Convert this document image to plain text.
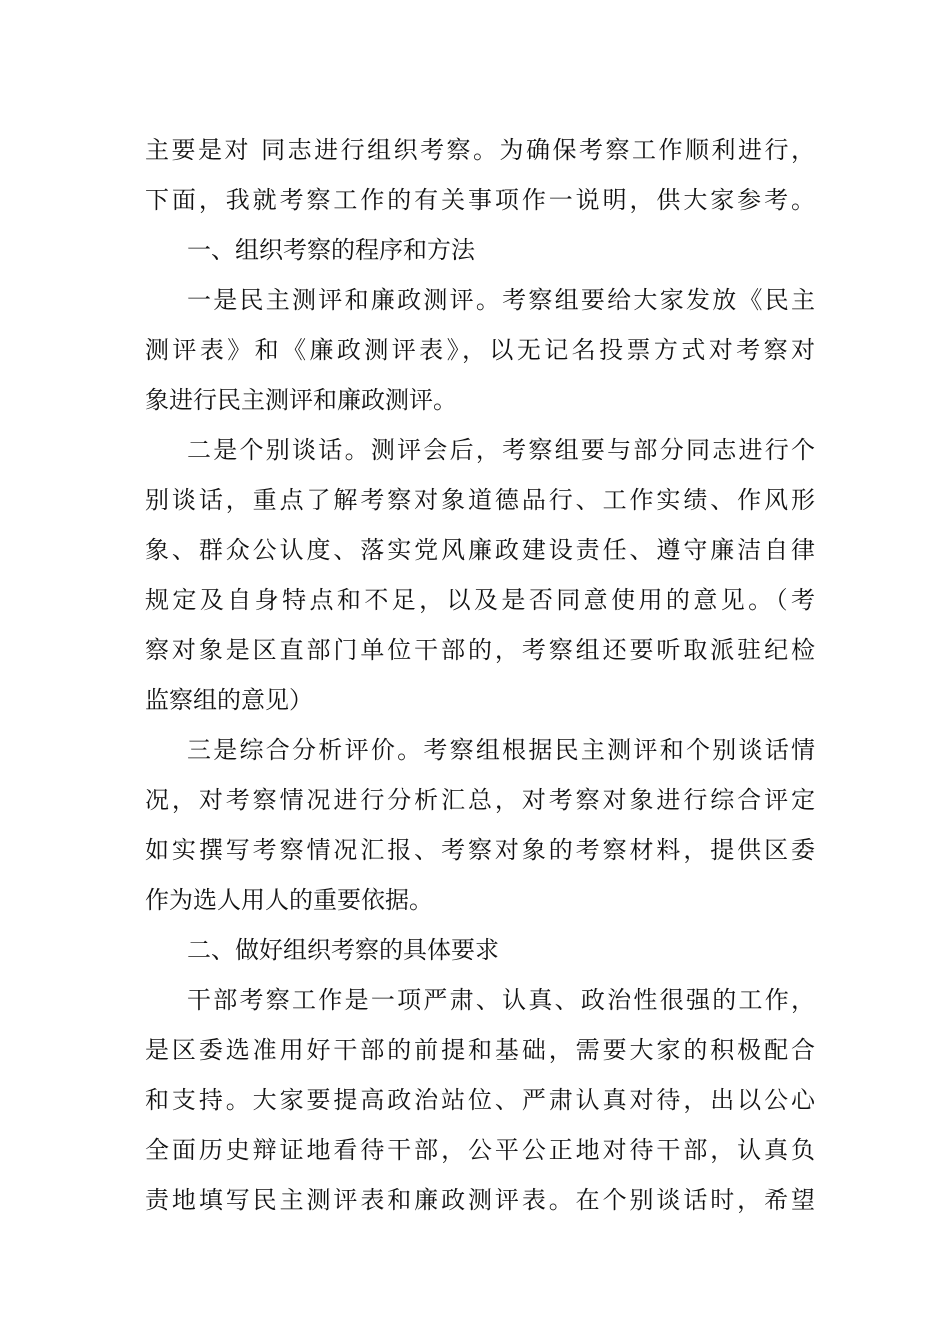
主要是对 同志进行组织考察。为确保考察工作顺利进行，
下面，我就考察工作的有关事项作一说明，供大家参考。
一、组织考察的程序和方法
一是民主测评和廉政测评。考察组要给大家发放《民主
测评表》和《廉政测评表》，以无记名投票方式对考察对
象进行民主测评和廉政测评。
二是个别谈话。测评会后，考察组要与部分同志进行个
别谈话，重点了解考察对象道德品行、工作实绩、作风形
象、群众公认度、落实党风廉政建设责任、遵守廉洁自律
规定及自身特点和不足，以及是否同意使用的意见。（考
察对象是区直部门单位干部的，考察组还要听取派驻纪检
监察组的意见）
三是综合分析评价。考察组根据民主测评和个别谈话情
况，对考察情况进行分析汇总，对考察对象进行综合评定
如实撰写考察情况汇报、考察对象的考察材料，提供区委
作为选人用人的重要依据。
二、做好组织考察的具体要求
干部考察工作是一项严肃、认真、政治性很强的工作，
是区委选准用好干部的前提和基础，需要大家的积极配合
和支持。大家要提高政治站位、严肃认真对待，出以公心
全面历史辩证地看待干部，公平公正地对待干部，认真负
责地填写民主测评表和廉政测评表。在个别谈话时，希望
